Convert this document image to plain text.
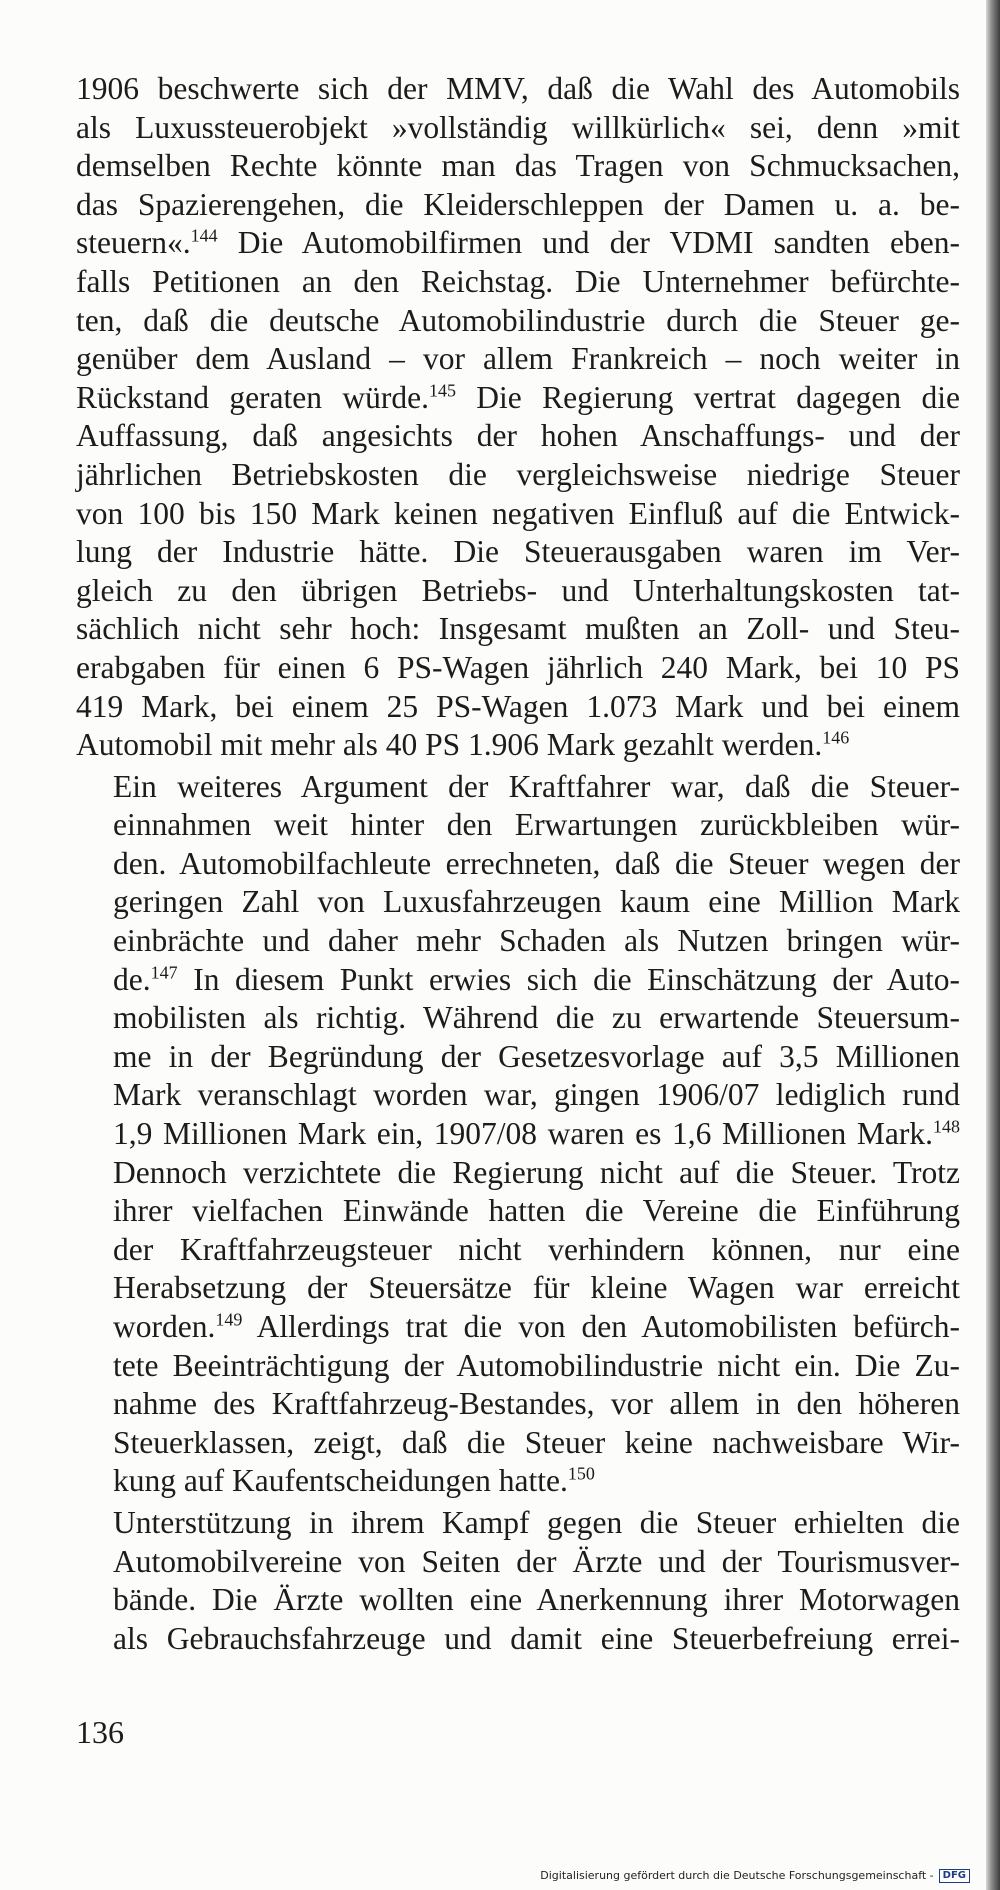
1906 beschwerte sich der MMV, daß die Wahl des Automobils
als Luxussteuerobjekt »vollständig willkürlich« sei, denn »mit
demselben Rechte könnte man das Tragen von Schmucksachen,
das Spazierengehen, die Kleiderschleppen der Damen u. a. be-
steuern«.$^{144}$ Die Automobilfirmen und der VDMI sandten eben-
falls Petitionen an den Reichstag. Die Unternehmer befürchte-
ten, daß die deutsche Automobilindustrie durch die Steuer ge-
genüber dem Ausland – vor allem Frankreich – noch weiter in
Rückstand geraten würde.$^{145}$ Die Regierung vertrat dagegen die
Auffassung, daß angesichts der hohen Anschaffungs- und der
jährlichen Betriebskosten die vergleichsweise niedrige Steuer
von 100 bis 150 Mark keinen negativen Einfluß auf die Entwick-
lung der Industrie hätte. Die Steuerausgaben waren im Ver-
gleich zu den übrigen Betriebs- und Unterhaltungskosten tat-
sächlich nicht sehr hoch: Insgesamt mußten an Zoll- und Steu-
erabgaben für einen 6 PS-Wagen jährlich 240 Mark, bei 10 PS
419 Mark, bei einem 25 PS-Wagen 1.073 Mark und bei einem
Automobil mit mehr als 40 PS 1.906 Mark gezahlt werden.$^{146}$

Ein weiteres Argument der Kraftfahrer war, daß die Steuer-
einnahmen weit hinter den Erwartungen zurückbleiben wür-
den. Automobilfachleute errechneten, daß die Steuer wegen der
geringen Zahl von Luxusfahrzeugen kaum eine Million Mark
einbrächte und daher mehr Schaden als Nutzen bringen wür-
de.$^{147}$ In diesem Punkt erwies sich die Einschätzung der Auto-
mobilisten als richtig. Während die zu erwartende Steuersum-
me in der Begründung der Gesetzesvorlage auf 3,5 Millionen
Mark veranschlagt worden war, gingen 1906/07 lediglich rund
1,9 Millionen Mark ein, 1907/08 waren es 1,6 Millionen Mark.$^{148}$
Dennoch verzichtete die Regierung nicht auf die Steuer. Trotz
ihrer vielfachen Einwände hatten die Vereine die Einführung
der Kraftfahrzeugsteuer nicht verhindern können, nur eine
Herabsetzung der Steuersätze für kleine Wagen war erreicht
worden.$^{149}$ Allerdings trat die von den Automobilisten befürch-
tete Beeinträchtigung der Automobilindustrie nicht ein. Die Zu-
nahme des Kraftfahrzeug-Bestandes, vor allem in den höheren
Steuerklassen, zeigt, daß die Steuer keine nachweisbare Wir-
kung auf Kaufentscheidungen hatte.$^{150}$

Unterstützung in ihrem Kampf gegen die Steuer erhielten die
Automobilvereine von Seiten der Ärzte und der Tourismusver-
bände. Die Ärzte wollten eine Anerkennung ihrer Motorwagen
als Gebrauchsfahrzeuge und damit eine Steuerbefreiung errei-

136
Digitalisierung gefördert durch die Deutsche Forschungsgemeinschaft - DFG
